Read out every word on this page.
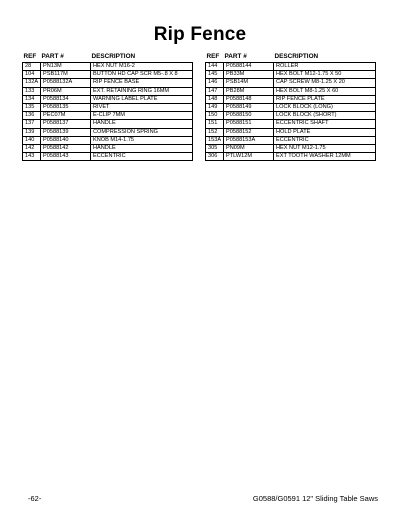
Rip Fence
REF	PART #	DESCRIPTION
28	PN13M	HEX NUT M16-2
104	PSB117M	BUTTON HD CAP SCR M5-.8 X 8
132A	P0588132A	RIP FENCE BASE
133	PR06M	EXT. RETAINING RING 16MM
134	P0588134	WARNING LABEL PLATE
135	P0588135	RIVET
136	PEC07M	E-CLIP 7MM
137	P0588137	HANDLE
139	P0588139	COMPRESSION SPRING
140	P0588140	KNOB M14-1.75
142	P0588142	HANDLE
143	P0588143	ECCENTRIC
REF	PART #	DESCRIPTION
144	P0588144	ROLLER
145	PB33M	HEX BOLT M12-1.75 X 50
146	PSB14M	CAP SCREW M8-1.25 X 20
147	PB28M	HEX BOLT M8-1.25 X 60
148	P0588148	RIP FENCE PLATE
149	P0588149	LOCK BLOCK (LONG)
150	P0588150	LOCK BLOCK (SHORT)
151	P0588151	ECCENTRIC SHAFT
152	P0588152	HOLD PLATE
153A	P0588153A	ECCENTRIC
305	PN09M	HEX NUT M12-1.75
306	PTLW12M	EXT TOOTH WASHER 12MM
-62-	G0588/G0591 12" Sliding Table Saws
